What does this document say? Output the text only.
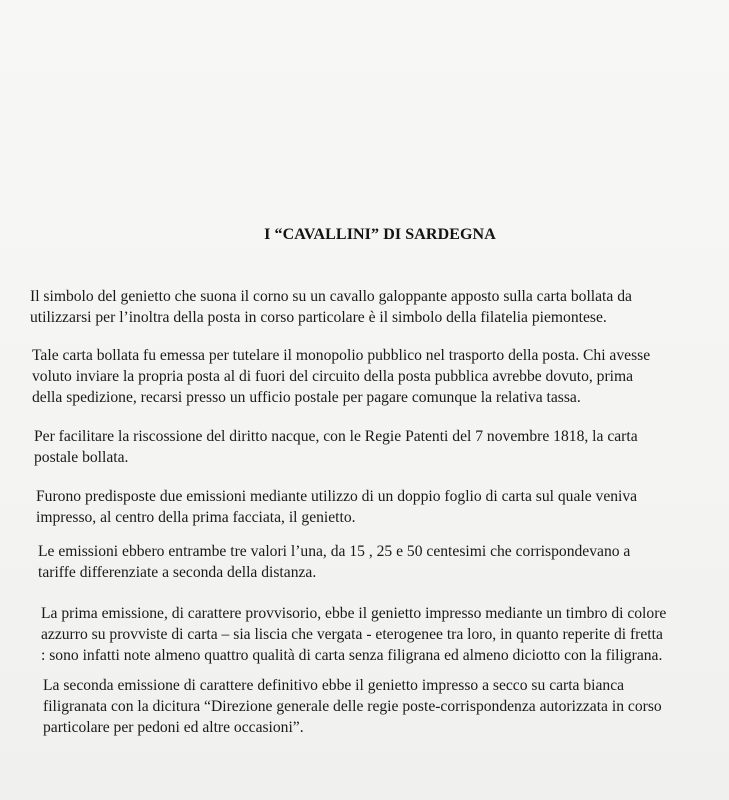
I “CAVALLINI” DI SARDEGNA

Il simbolo del genietto che suona il corno su un cavallo galoppante apposto sulla carta bollata da
utilizzarsi per l’inoltra della posta in corso particolare è il simbolo della filatelia piemontese.

Tale carta bollata fu emessa per tutelare il monopolio pubblico nel trasporto della posta. Chi avesse
voluto inviare la propria posta al di fuori del circuito della posta pubblica avrebbe dovuto, prima
della spedizione, recarsi presso un ufficio postale per pagare comunque la relativa tassa.

Per facilitare la riscossione del diritto nacque, con le Regie Patenti del 7 novembre 1818, la carta
postale bollata.

Furono predisposte due emissioni mediante utilizzo di un doppio foglio di carta sul quale veniva
impresso, al centro della prima facciata, il genietto.

Le emissioni ebbero entrambe tre valori l’una, da 15 , 25 e 50 centesimi che corrispondevano a
tariffe differenziate a seconda della distanza.

La prima emissione, di carattere provvisorio, ebbe il genietto impresso mediante un timbro di colore
azzurro su provviste di carta – sia liscia che vergata - eterogenee tra loro, in quanto reperite di fretta
: sono infatti note almeno quattro qualità di carta senza filigrana ed almeno diciotto con la filigrana.

La seconda emissione di carattere definitivo ebbe il genietto impresso a secco su carta bianca
filigranata con la dicitura “Direzione generale delle regie poste-corrispondenza autorizzata in corso
particolare per pedoni ed altre occasioni”.
